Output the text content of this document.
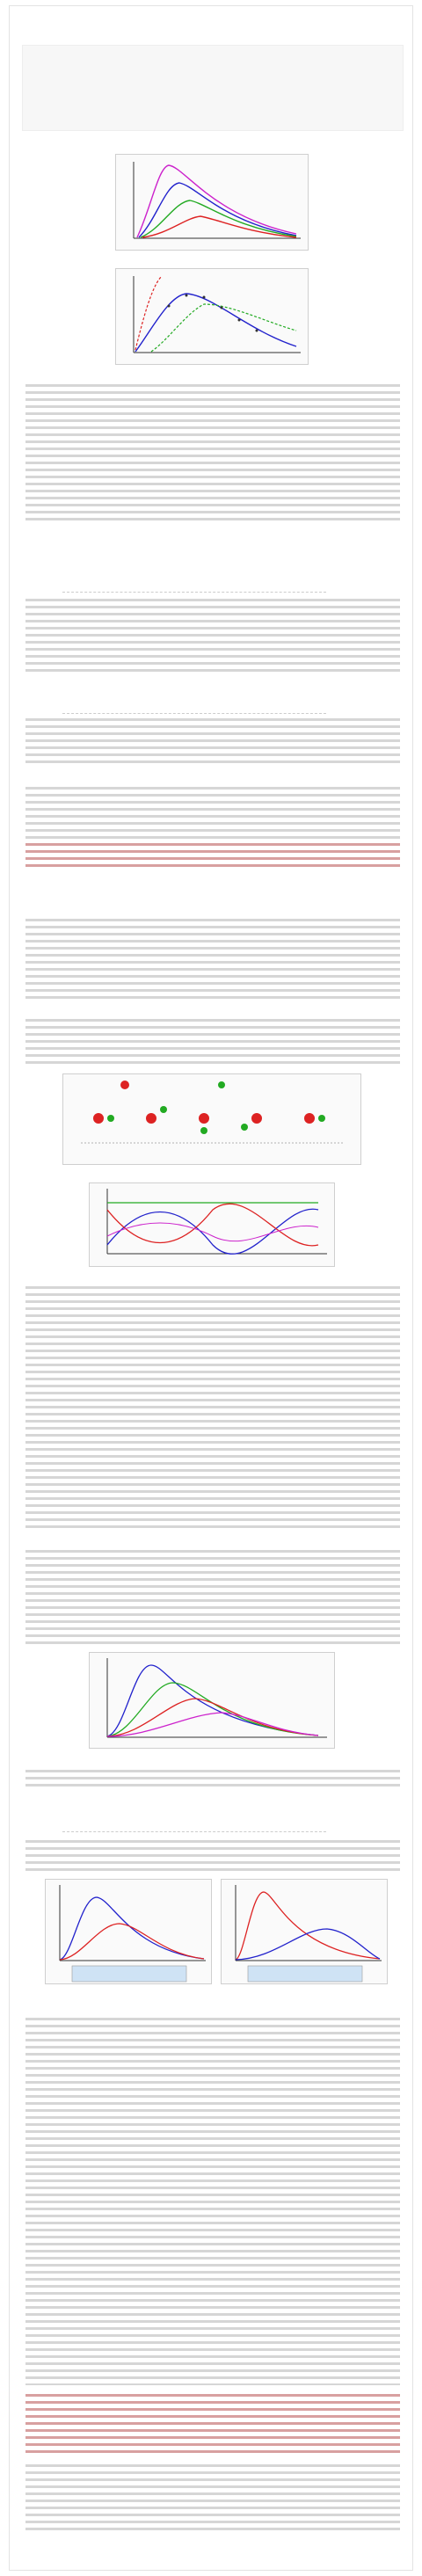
​
